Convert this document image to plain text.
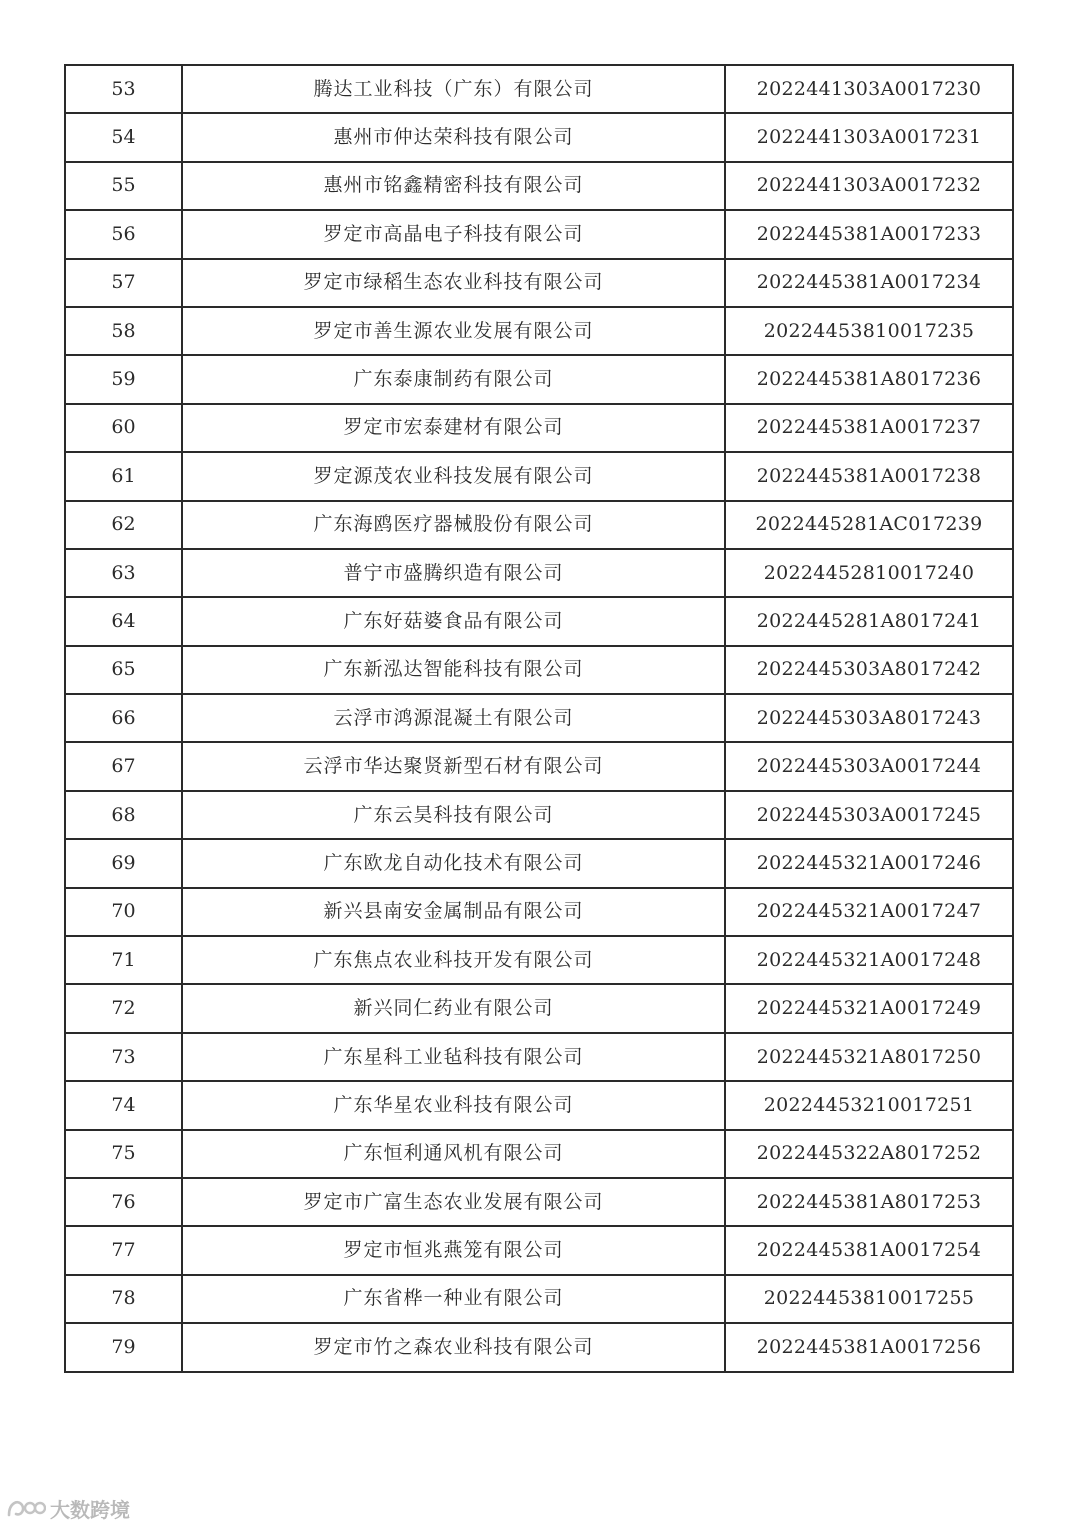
53	腾达工业科技（广东）有限公司	2022441303A0017230
54	惠州市仲达荣科技有限公司	2022441303A0017231
55	惠州市铭鑫精密科技有限公司	2022441303A0017232
56	罗定市高晶电子科技有限公司	2022445381A0017233
57	罗定市绿稻生态农业科技有限公司	2022445381A0017234
58	罗定市善生源农业发展有限公司	20224453810017235
59	广东泰康制药有限公司	2022445381A8017236
60	罗定市宏泰建材有限公司	2022445381A0017237
61	罗定源茂农业科技发展有限公司	2022445381A0017238
62	广东海鸥医疗器械股份有限公司	2022445281AC017239
63	普宁市盛腾织造有限公司	20224452810017240
64	广东好菇婆食品有限公司	2022445281A8017241
65	广东新泓达智能科技有限公司	2022445303A8017242
66	云浮市鸿源混凝土有限公司	2022445303A8017243
67	云浮市华达聚贤新型石材有限公司	2022445303A0017244
68	广东云昊科技有限公司	2022445303A0017245
69	广东欧龙自动化技术有限公司	2022445321A0017246
70	新兴县南安金属制品有限公司	2022445321A0017247
71	广东焦点农业科技开发有限公司	2022445321A0017248
72	新兴同仁药业有限公司	2022445321A0017249
73	广东星科工业毡科技有限公司	2022445321A8017250
74	广东华星农业科技有限公司	20224453210017251
75	广东恒利通风机有限公司	2022445322A8017252
76	罗定市广富生态农业发展有限公司	2022445381A8017253
77	罗定市恒兆燕笼有限公司	2022445381A0017254
78	广东省桦一种业有限公司	20224453810017255
79	罗定市竹之森农业科技有限公司	2022445381A0017256
大数跨境
